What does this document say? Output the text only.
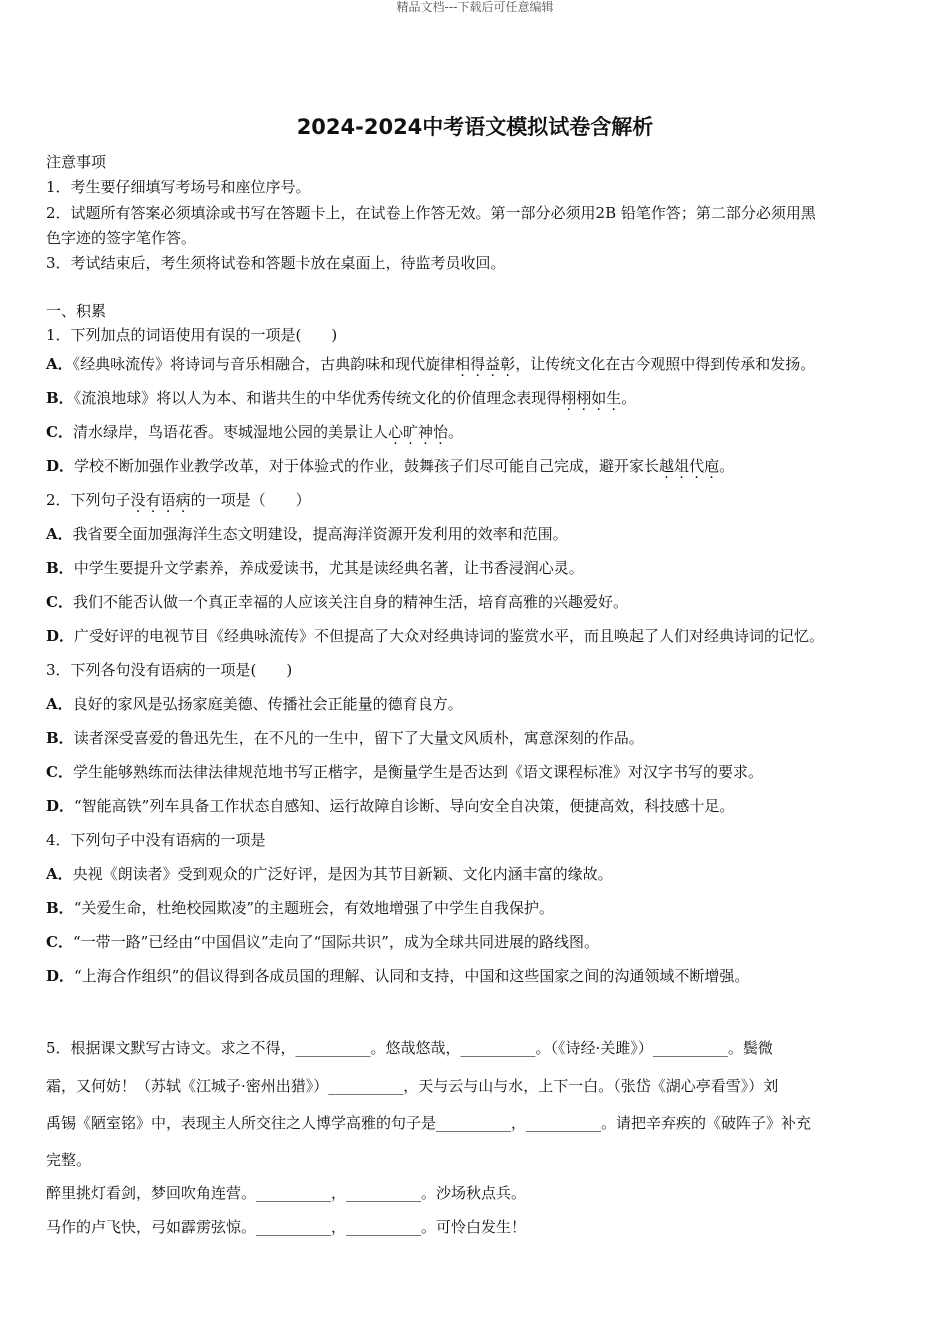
精品文档---下载后可任意编辑
2024-2024中考语文模拟试卷含解析
注意事项
1．考生要仔细填写考场号和座位序号。
2．试题所有答案必须填涂或书写在答题卡上，在试卷上作答无效。第一部分必须用2B 铅笔作答；第二部分必须用黑
色字迹的签字笔作答。
3．考试结束后，考生须将试卷和答题卡放在桌面上，待监考员收回。
一、积累
1．下列加点的词语使用有误的一项是(　　)
A．《经典咏流传》将诗词与音乐相融合，古典韵味和现代旋律相得益彰，让传统文化在古今观照中得到传承和发扬。
B．《流浪地球》将以人为本、和谐共生的中华优秀传统文化的价值理念表现得栩栩如生。
C．清水绿岸，鸟语花香。枣城湿地公园的美景让人心旷神怡。
D．学校不断加强作业教学改革，对于体验式的作业，鼓舞孩子们尽可能自己完成，避开家长越俎代庖。
2．下列句子没有语病的一项是（　　）
A．我省要全面加强海洋生态文明建设，提高海洋资源开发利用的效率和范围。
B．中学生要提升文学素养，养成爱读书，尤其是读经典名著，让书香浸润心灵。
C．我们不能否认做一个真正幸福的人应该关注自身的精神生活，培育高雅的兴趣爱好。
D．广受好评的电视节目《经典咏流传》不但提高了大众对经典诗词的鉴赏水平，而且唤起了人们对经典诗词的记忆。
3．下列各句没有语病的一项是(　　)
A．良好的家风是弘扬家庭美德、传播社会正能量的德育良方。
B．读者深受喜爱的鲁迅先生，在不凡的一生中，留下了大量文风质朴，寓意深刻的作品。
C．学生能够熟练而法律法律规范地书写正楷字，是衡量学生是否达到《语文课程标准》对汉字书写的要求。
D．“智能高铁”列车具备工作状态自感知、运行故障自诊断、导向安全自决策，便捷高效，科技感十足。
4．下列句子中没有语病的一项是
A．央视《朗读者》受到观众的广泛好评，是因为其节目新颖、文化内涵丰富的缘故。
B．“关爱生命，杜绝校园欺凌”的主题班会，有效地增强了中学生自我保护。
C．“一带一路”已经由“中国倡议”走向了“国际共识”，成为全球共同进展的路线图。
D．“上海合作组织”的倡议得到各成员国的理解、认同和支持，中国和这些国家之间的沟通领域不断增强。
5．根据课文默写古诗文。求之不得，__________。悠哉悠哉，__________。（《诗经·关雎》）__________。鬓微
霜，又何妨！（苏轼《江城子·密州出猎》）__________，天与云与山与水，上下一白。（张岱《湖心亭看雪》）刘
禹锡《陋室铭》中，表现主人所交往之人博学高雅的句子是__________，__________。请把辛弃疾的《破阵子》补充
完整。
醉里挑灯看剑，梦回吹角连营。__________，__________。沙场秋点兵。
马作的卢飞快，弓如霹雳弦惊。__________，__________。可怜白发生！
